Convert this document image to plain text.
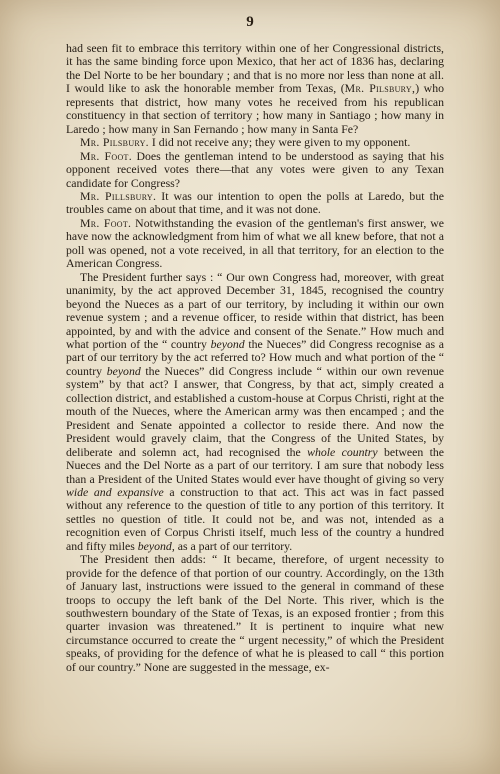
9

had seen fit to embrace this territory within one of her Congressional districts, it has the same binding force upon Mexico, that her act of 1836 has, declaring the Del Norte to be her boundary ; and that is no more nor less than none at all. I would like to ask the honorable member from Texas, (Mr. Pilsbury,) who represents that district, how many votes he received from his republican constituency in that section of territory ; how many in Santiago ; how many in Laredo ; how many in San Fernando ; how many in Santa Fe?

Mr. Pilsbury. I did not receive any; they were given to my opponent.

Mr. Foot. Does the gentleman intend to be understood as saying that his opponent received votes there—that any votes were given to any Texan candidate for Congress?

Mr. Pillsbury. It was our intention to open the polls at Laredo, but the troubles came on about that time, and it was not done.

Mr. Foot. Notwithstanding the evasion of the gentleman's first answer, we have now the acknowledgment from him of what we all knew before, that not a poll was opened, not a vote received, in all that territory, for an election to the American Congress.

The President further says : “ Our own Congress had, moreover, with great unanimity, by the act approved December 31, 1845, recognised the country beyond the Nueces as a part of our territory, by including it within our own revenue system ; and a revenue officer, to reside within that district, has been appointed, by and with the advice and consent of the Senate.” How much and what portion of the “ country beyond the Nueces” did Congress recognise as a part of our territory by the act referred to? How much and what portion of the “ country beyond the Nueces” did Congress include “ within our own revenue system” by that act? I answer, that Congress, by that act, simply created a collection district, and established a custom-house at Corpus Christi, right at the mouth of the Nueces, where the American army was then encamped ; and the President and Senate appointed a collector to reside there. And now the President would gravely claim, that the Congress of the United States, by deliberate and solemn act, had recognised the whole country between the Nueces and the Del Norte as a part of our territory. I am sure that nobody less than a President of the United States would ever have thought of giving so very wide and expansive a construction to that act. This act was in fact passed without any reference to the question of title to any portion of this territory. It settles no question of title. It could not be, and was not, intended as a recognition even of Corpus Christi itself, much less of the country a hundred and fifty miles beyond, as a part of our territory.

The President then adds: “ It became, therefore, of urgent necessity to provide for the defence of that portion of our country. Accordingly, on the 13th of January last, instructions were issued to the general in command of these troops to occupy the left bank of the Del Norte. This river, which is the southwestern boundary of the State of Texas, is an exposed frontier ; from this quarter invasion was threatened.” It is pertinent to inquire what new circumstance occurred to create the “ urgent necessity,” of which the President speaks, of providing for the defence of what he is pleased to call “ this portion of our country.” None are suggested in the message, ex-
